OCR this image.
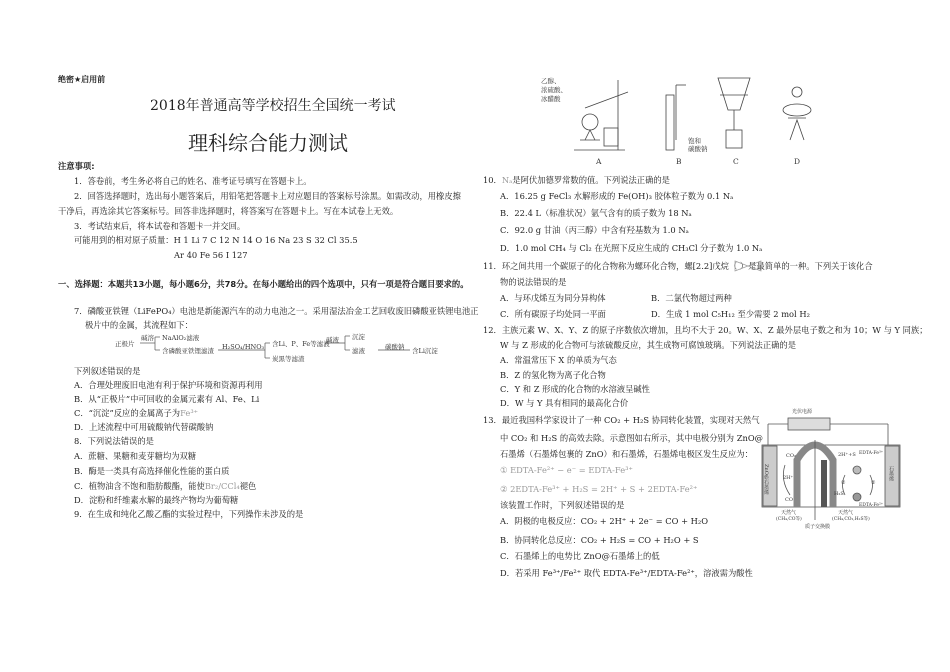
绝密★启用前
2018年普通高等学校招生全国统一考试
理科综合能力测试
注意事项:
1．答卷前，考生务必将自己的姓名、准考证号填写在答题卡上。
2．回答选择题时，选出每小题答案后，用铅笔把答题卡上对应题目的答案标号涂黑。如需改动，用橡皮擦
干净后，再选涂其它答案标号。回答非选择题时，将答案写在答题卡上。写在本试卷上无效。
3．考试结束后，将本试卷和答题卡一并交回。
可能用到的相对原子质量：H 1 Li 7 C 12 N 14 O 16 Na 23 S 32 Cl 35.5
Ar 40 Fe 56 I 127
一、选择题：本题共13小题，每小题6分，共78分。在每小题给出的四个选项中，只有一项是符合题目要求的。
7．磷酸亚铁锂（LiFePO₄）电池是新能源汽车的动力电池之一。采用湿法冶金工艺回收废旧磷酸亚铁锂电池正
极片中的金属，其流程如下：
正极片
碱溶 NaAlO₂滤液
含磷酸亚铁锂滤渣 H₂SO₄/HNO₃ 含Li、P、Fe等滤液
炭黑等滤渣
碱液 沉淀
滤液	碳酸钠 含Li沉淀
下列叙述错误的是
A．合理处理废旧电池有利于保护环境和资源再利用
B．从“正极片”中可回收的金属元素有 Al、Fe、Li
C．“沉淀”反应的金属离子为Fe³⁺
D．上述流程中可用硫酸钠代替碳酸钠
8．下列说法错误的是
A．蔗糖、果糖和麦芽糖均为双糖
B．酶是一类具有高选择催化性能的蛋白质
C．植物油含不饱和脂肪酸酯，能使Br₂/CCl₄褪色
D．淀粉和纤维素水解的最终产物均为葡萄糖
9．在生成和纯化乙酸乙酯的实验过程中，下列操作未涉及的是
乙醇、
浓硫酸、
冰醋酸
饱和
碳酸钠
A	B	C	D
10．Nₐ是阿伏加德罗常数的值。下列说法正确的是
A．16.25 g FeCl₃ 水解形成的 Fe(OH)₃ 胶体粒子数为 0.1 Nₐ
B．22.4 L（标准状况）氩气含有的质子数为 18 Nₐ
C．92.0 g 甘油（丙三醇）中含有羟基数为 1.0 Nₐ
D．1.0 mol CH₄ 与 Cl₂ 在光照下反应生成的 CH₃Cl 分子数为 1.0 Nₐ
11．环之间共用一个碳原子的化合物称为螺环化合物，螺[2.2]戊烷（ ）是最简单的一种。下列关于该化合
物的说法错误的是
A．与环戊烯互为同分异构体	B．二氯代物超过两种
C．所有碳原子均处同一平面	D．生成 1 mol C₅H₁₂ 至少需要 2 mol H₂
12．主族元素 W、X、Y、Z 的原子序数依次增加，且均不大于 20。W、X、Z 最外层电子数之和为 10；W 与 Y 同族；
W 与 Z 形成的化合物可与浓硫酸反应，其生成物可腐蚀玻璃。下列说法正确的是
A．常温常压下 X 的单质为气态
B．Z 的氢化物为离子化合物
C．Y 和 Z 形成的化合物的水溶液呈碱性
D．W 与 Y 具有相同的最高化合价
13．最近我国科学家设计了一种 CO₂ + H₂S 协同转化装置，实现对天然气
中 CO₂ 和 H₂S 的高效去除。示意图如右所示，其中电极分别为 ZnO@
石墨烯（石墨烯包裹的 ZnO）和石墨烯，石墨烯电极区发生反应为：
① EDTA-Fe²⁺ − e⁻ = EDTA-Fe³⁺
② 2EDTA-Fe³⁺ + H₂S = 2H⁺ + S + 2EDTA-Fe²⁺
该装置工作时，下列叙述错误的是
A．阴极的电极反应：CO₂ + 2H⁺ + 2e⁻ = CO + H₂O
B．协同转化总反应：CO₂ + H₂S = CO + H₂O + S
C．石墨烯上的电势比 ZnO@石墨烯上的低
D．若采用 Fe³⁺/Fe²⁺ 取代 EDTA-Fe³⁺/EDTA-Fe²⁺，溶液需为酸性
光伏电源
ZnO@石墨烯	石墨烯
CO₂
2H⁺
CO
2H⁺+S EDTA-Fe³⁺
EDTA-Fe²⁺
①
②
H₂S
天然气
(CH₄,CO等)
天然气
(CH₄,CO₂,H₂S等)
质子交换膜
